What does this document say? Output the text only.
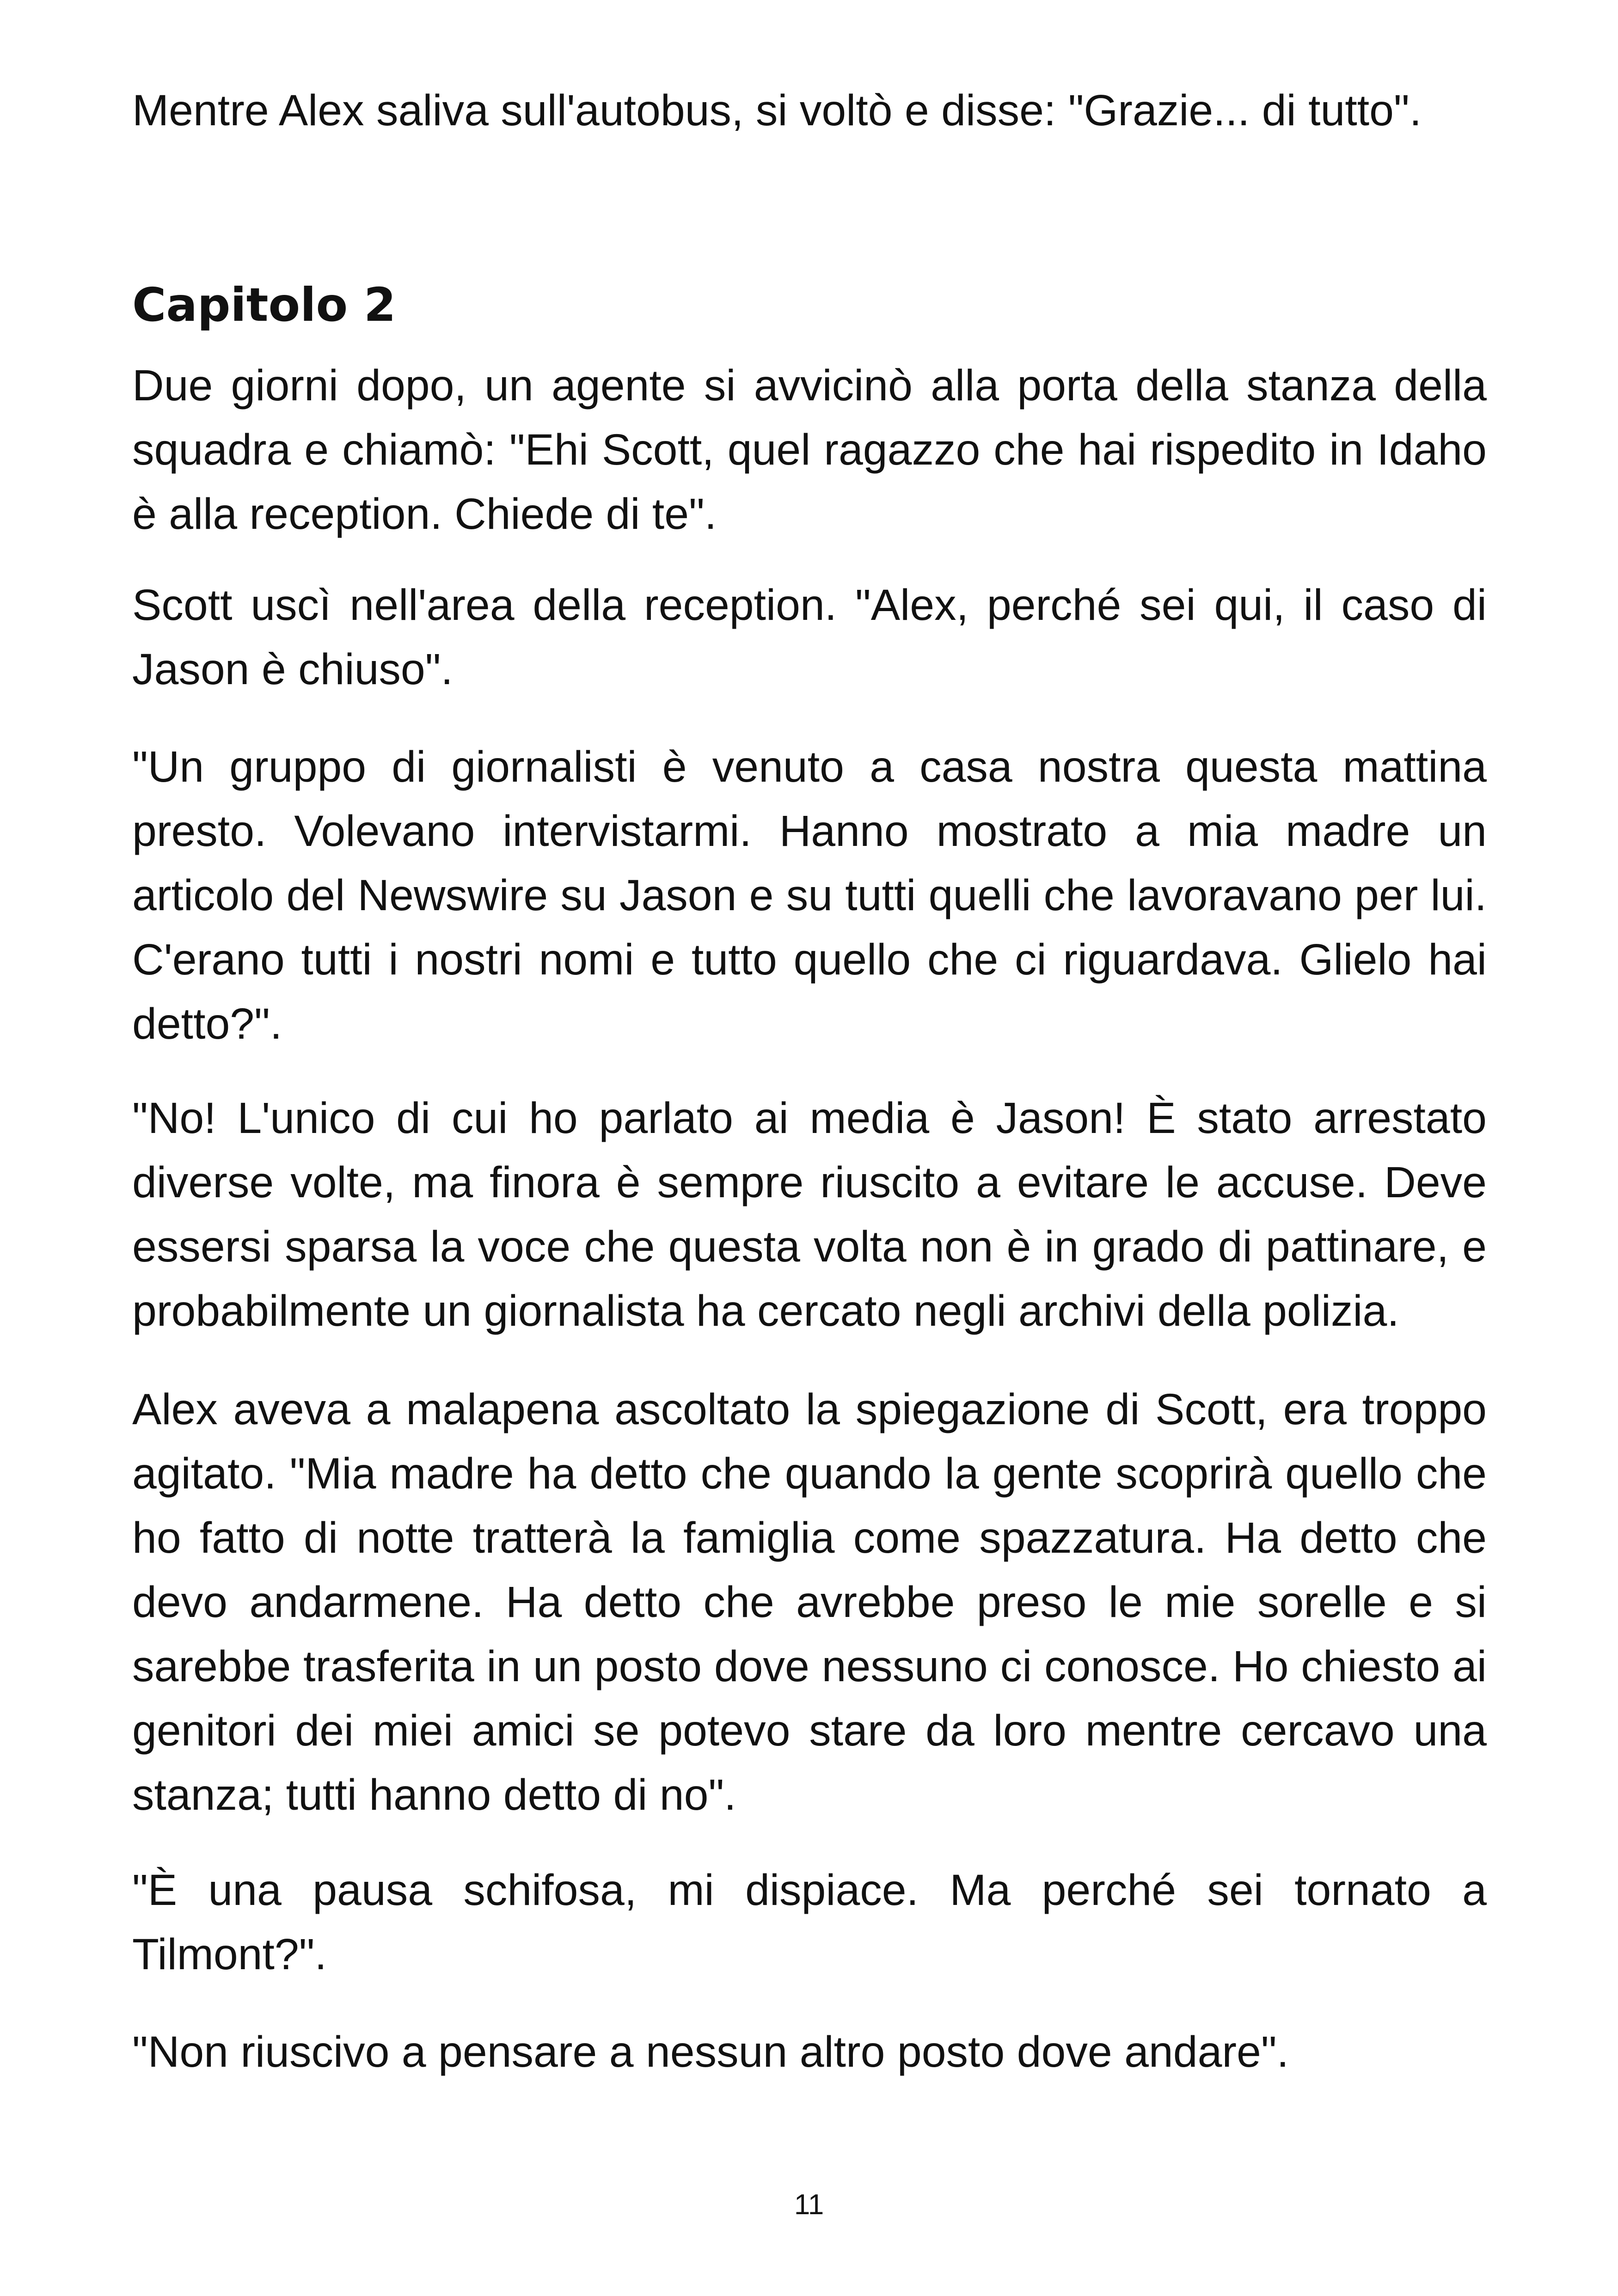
Mentre Alex saliva sull'autobus, si voltò e disse: "Grazie... di tutto".

Capitolo 2

Due giorni dopo, un agente si avvicinò alla porta della stanza della squadra e chiamò: "Ehi Scott, quel ragazzo che hai rispedito in Idaho è alla reception. Chiede di te".

Scott uscì nell'area della reception. "Alex, perché sei qui, il caso di Jason è chiuso".

"Un gruppo di giornalisti è venuto a casa nostra questa mattina presto. Volevano intervistarmi. Hanno mostrato a mia madre un articolo del Newswire su Jason e su tutti quelli che lavoravano per lui. C'erano tutti i nostri nomi e tutto quello che ci riguardava. Glielo hai detto?".

"No! L'unico di cui ho parlato ai media è Jason! È stato arrestato diverse volte, ma finora è sempre riuscito a evitare le accuse. Deve essersi sparsa la voce che questa volta non è in grado di pattinare, e probabilmente un giornalista ha cercato negli archivi della polizia.

Alex aveva a malapena ascoltato la spiegazione di Scott, era troppo agitato. "Mia madre ha detto che quando la gente scoprirà quello che ho fatto di notte tratterà la famiglia come spazzatura. Ha detto che devo andarmene. Ha detto che avrebbe preso le mie sorelle e si sarebbe trasferita in un posto dove nessuno ci conosce. Ho chiesto ai genitori dei miei amici se potevo stare da loro mentre cercavo una stanza; tutti hanno detto di no".

"È una pausa schifosa, mi dispiace. Ma perché sei tornato a Tilmont?".

"Non riuscivo a pensare a nessun altro posto dove andare".

11
